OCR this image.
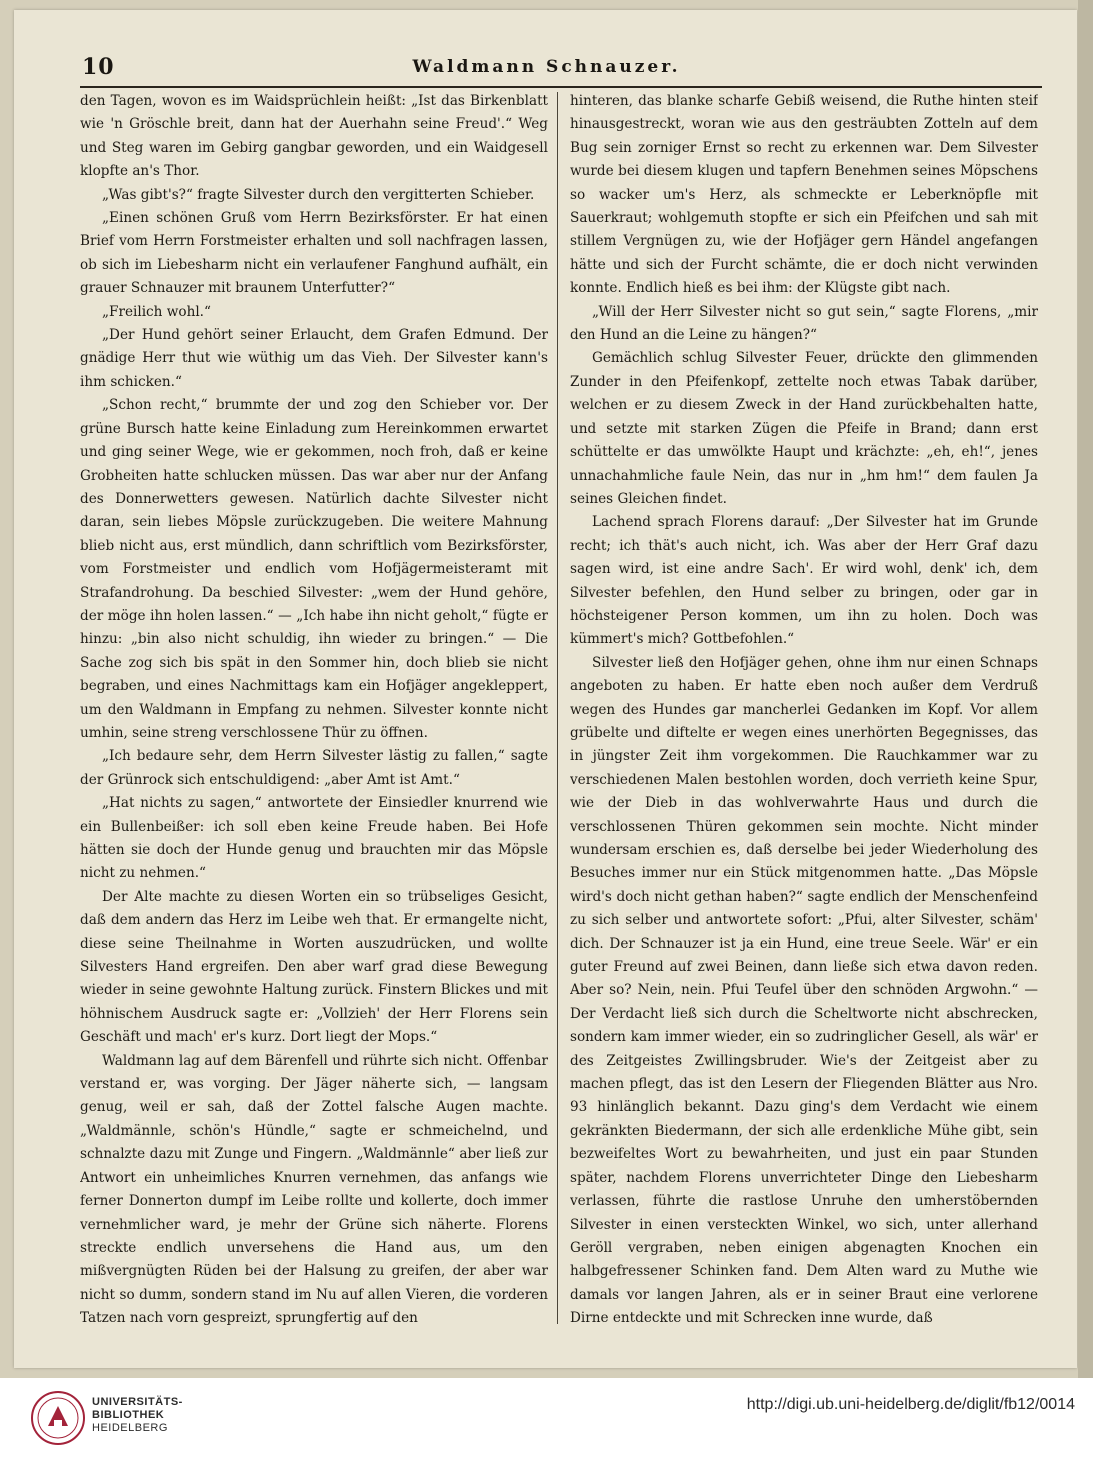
10	Waldmann Schnauzer.

den Tagen, wovon es im Waidsprüchlein heißt: „Ist das Birkenblatt wie 'n Gröschle breit, dann hat der Auerhahn seine Freud'.“ Weg und Steg waren im Gebirg gangbar geworden, und ein Waidgesell klopfte an's Thor.

„Was gibt's?“ fragte Silvester durch den vergitterten Schieber.

„Einen schönen Gruß vom Herrn Bezirksförster. Er hat einen Brief vom Herrn Forstmeister erhalten und soll nachfragen lassen, ob sich im Liebesharm nicht ein verlaufener Fanghund aufhält, ein grauer Schnauzer mit braunem Unterfutter?“

„Freilich wohl.“

„Der Hund gehört seiner Erlaucht, dem Grafen Edmund. Der gnädige Herr thut wie wüthig um das Vieh. Der Silvester kann's ihm schicken.“

„Schon recht,“ brummte der und zog den Schieber vor. Der grüne Bursch hatte keine Einladung zum Hereinkommen erwartet und ging seiner Wege, wie er gekommen, noch froh, daß er keine Grobheiten hatte schlucken müssen. Das war aber nur der Anfang des Donnerwetters gewesen. Natürlich dachte Silvester nicht daran, sein liebes Möpsle zurückzugeben. Die weitere Mahnung blieb nicht aus, erst mündlich, dann schriftlich vom Bezirksförster, vom Forstmeister und endlich vom Hofjägermeisteramt mit Strafandrohung. Da beschied Silvester: „wem der Hund gehöre, der möge ihn holen lassen.“ — „Ich habe ihn nicht geholt,“ fügte er hinzu: „bin also nicht schuldig, ihn wieder zu bringen.“ — Die Sache zog sich bis spät in den Sommer hin, doch blieb sie nicht begraben, und eines Nachmittags kam ein Hofjäger angekleppert, um den Waldmann in Empfang zu nehmen. Silvester konnte nicht umhin, seine streng verschlossene Thür zu öffnen.

„Ich bedaure sehr, dem Herrn Silvester lästig zu fallen,“ sagte der Grünrock sich entschuldigend: „aber Amt ist Amt.“

„Hat nichts zu sagen,“ antwortete der Einsiedler knurrend wie ein Bullenbeißer: ich soll eben keine Freude haben. Bei Hofe hätten sie doch der Hunde genug und brauchten mir das Möpsle nicht zu nehmen.“

Der Alte machte zu diesen Worten ein so trübseliges Gesicht, daß dem andern das Herz im Leibe weh that. Er ermangelte nicht, diese seine Theilnahme in Worten auszudrücken, und wollte Silvesters Hand ergreifen. Den aber warf grad diese Bewegung wieder in seine gewohnte Haltung zurück. Finstern Blickes und mit höhnischem Ausdruck sagte er: „Vollzieh' der Herr Florens sein Geschäft und mach' er's kurz. Dort liegt der Mops.“

Waldmann lag auf dem Bärenfell und rührte sich nicht. Offenbar verstand er, was vorging. Der Jäger näherte sich, — langsam genug, weil er sah, daß der Zottel falsche Augen machte. „Waldmännle, schön's Hündle,“ sagte er schmeichelnd, und schnalzte dazu mit Zunge und Fingern. „Waldmännle“ aber ließ zur Antwort ein unheimliches Knurren vernehmen, das anfangs wie ferner Donnerton dumpf im Leibe rollte und kollerte, doch immer vernehmlicher ward, je mehr der Grüne sich näherte. Florens streckte endlich unversehens die Hand aus, um den mißvergnügten Rüden bei der Halsung zu greifen, der aber war nicht so dumm, sondern stand im Nu auf allen Vieren, die vorderen Tatzen nach vorn gespreizt, sprungfertig auf den

hinteren, das blanke scharfe Gebiß weisend, die Ruthe hinten steif hinausgestreckt, woran wie aus den gesträubten Zotteln auf dem Bug sein zorniger Ernst so recht zu erkennen war. Dem Silvester wurde bei diesem klugen und tapfern Benehmen seines Möpschens so wacker um's Herz, als schmeckte er Leberknöpfle mit Sauerkraut; wohlgemuth stopfte er sich ein Pfeifchen und sah mit stillem Vergnügen zu, wie der Hofjäger gern Händel angefangen hätte und sich der Furcht schämte, die er doch nicht verwinden konnte. Endlich hieß es bei ihm: der Klügste gibt nach.

„Will der Herr Silvester nicht so gut sein,“ sagte Florens, „mir den Hund an die Leine zu hängen?“

Gemächlich schlug Silvester Feuer, drückte den glimmenden Zunder in den Pfeifenkopf, zettelte noch etwas Tabak darüber, welchen er zu diesem Zweck in der Hand zurückbehalten hatte, und setzte mit starken Zügen die Pfeife in Brand; dann erst schüttelte er das umwölkte Haupt und krächzte: „eh, eh!“, jenes unnachahmliche faule Nein, das nur in „hm hm!“ dem faulen Ja seines Gleichen findet.

Lachend sprach Florens darauf: „Der Silvester hat im Grunde recht; ich thät's auch nicht, ich. Was aber der Herr Graf dazu sagen wird, ist eine andre Sach'. Er wird wohl, denk' ich, dem Silvester befehlen, den Hund selber zu bringen, oder gar in höchsteigener Person kommen, um ihn zu holen. Doch was kümmert's mich? Gottbefohlen.“

Silvester ließ den Hofjäger gehen, ohne ihm nur einen Schnaps angeboten zu haben. Er hatte eben noch außer dem Verdruß wegen des Hundes gar mancherlei Gedanken im Kopf. Vor allem grübelte und diftelte er wegen eines unerhörten Begegnisses, das in jüngster Zeit ihm vorgekommen. Die Rauchkammer war zu verschiedenen Malen bestohlen worden, doch verrieth keine Spur, wie der Dieb in das wohlverwahrte Haus und durch die verschlossenen Thüren gekommen sein mochte. Nicht minder wundersam erschien es, daß derselbe bei jeder Wiederholung des Besuches immer nur ein Stück mitgenommen hatte. „Das Möpsle wird's doch nicht gethan haben?“ sagte endlich der Menschenfeind zu sich selber und antwortete sofort: „Pfui, alter Silvester, schäm' dich. Der Schnauzer ist ja ein Hund, eine treue Seele. Wär' er ein guter Freund auf zwei Beinen, dann ließe sich etwa davon reden. Aber so? Nein, nein. Pfui Teufel über den schnöden Argwohn.“ — Der Verdacht ließ sich durch die Scheltworte nicht abschrecken, sondern kam immer wieder, ein so zudringlicher Gesell, als wär' er des Zeitgeistes Zwillingsbruder. Wie's der Zeitgeist aber zu machen pflegt, das ist den Lesern der Fliegenden Blätter aus Nro. 93 hinlänglich bekannt. Dazu ging's dem Verdacht wie einem gekränkten Biedermann, der sich alle erdenkliche Mühe gibt, sein bezweifeltes Wort zu bewahrheiten, und just ein paar Stunden später, nachdem Florens unverrichteter Dinge den Liebesharm verlassen, führte die rastlose Unruhe den umherstöbernden Silvester in einen versteckten Winkel, wo sich, unter allerhand Geröll vergraben, neben einigen abgenagten Knochen ein halbgefressener Schinken fand. Dem Alten ward zu Muthe wie damals vor langen Jahren, als er in seiner Braut eine verlorene Dirne entdeckte und mit Schrecken inne wurde, daß

UNIVERSITÄTS-
BIBLIOTHEK
HEIDELBERG
http://digi.ub.uni-heidelberg.de/diglit/fb12/0014
